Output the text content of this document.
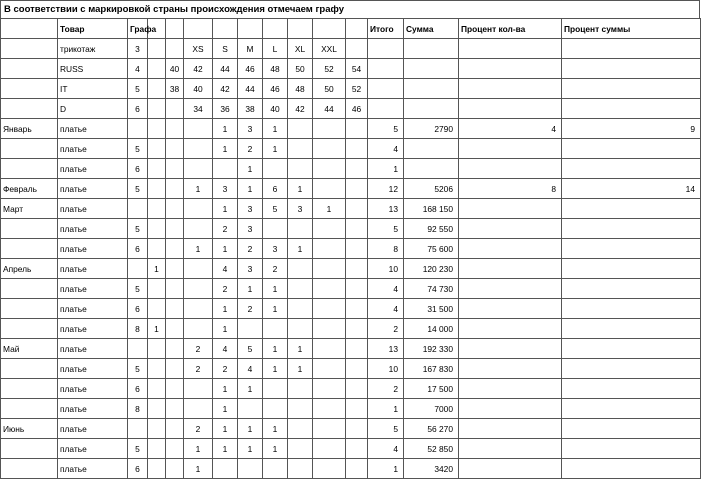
В соответствии с маркировкой страны происхождения отмечаем графу
	Товар	Графа										Итого	Сумма	Процент кол-ва	Процент суммы
	трикотаж	3			XS	S	M	L	XL	XXL					
	RUSS	4		40	42	44	46	48	50	52	54				
	IT	5		38	40	42	44	46	48	50	52				
	D	6			34	36	38	40	42	44	46				
Январь	платье					1	3	1				5	2790	4	9
	платье	5				1	2	1				4			
	платье	6					1					1			
Февраль	платье	5			1	3	1	6	1			12	5206	8	14
Март	платье					1	3	5	3	1		13	168 150		
	платье	5				2	3					5	92 550		
	платье	6			1	1	2	3	1			8	75 600		
Апрель	платье		1			4	3	2				10	120 230		
	платье	5				2	1	1				4	74 730		
	платье	6				1	2	1				4	31 500		
	платье	8	1			1						2	14 000		
Май	платье				2	4	5	1	1			13	192 330		
	платье	5			2	2	4	1	1			10	167 830		
	платье	6				1	1					2	17 500		
	платье	8				1						1	7000		
Июнь	платье				2	1	1	1				5	56 270		
	платье	5			1	1	1	1				4	52 850		
	платье	6			1							1	3420		
